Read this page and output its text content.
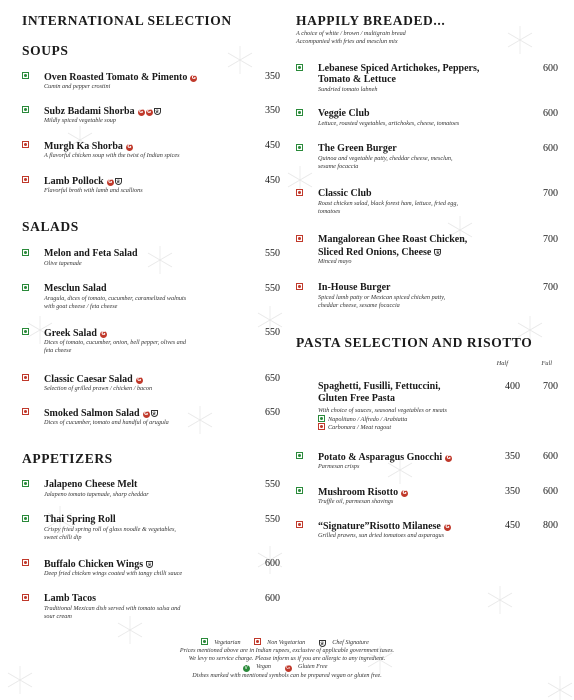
INTERNATIONAL SELECTION
SOUPS
Oven Roasted Tomato & Pimento G	350
Cumin and pepper crostini
Subz Badami Shorba G G ♛	350
Mildly spiced vegetable soup
Murgh Ka Shorba G	450
A flavorful chicken soup with the twist of Indian spices
Lamb Pollock G ♛	450
Flavorful broth with lamb and scallions
SALADS
Melon and Feta Salad	550
Olive tapenade
Mesclun Salad	550
Arugula, dices of tomato, cucumber, caramelized walnuts
with goat cheese / feta cheese
Greek Salad G	550
Dices of tomato, cucumber, onion, bell pepper, olives and
feta cheese
Classic Caesar Salad G	650
Selection of grilled prawn / chicken / bacon
Smoked Salmon Salad G ♛	650
Dices of cucumber, tomato and handful of arugula
APPETIZERS
Jalapeno Cheese Melt	550
Jalapeno tomato tapenade, sharp cheddar
Thai Spring Roll	550
Crispy fried spring roll of glass noodle & vegetables,
sweet chilli dip
Buffalo Chicken Wings ♛	600
Deep fried chicken wings coated with tangy chilli sauce
Lamb Tacos	600
Traditional Mexican dish served with tomato salsa and
sour cream
HAPPILY BREADED...
A choice of white / brown / multigrain bread
Accompanied with fries and mesclun mix
Lebanese Spiced Artichokes, Peppers,
Tomato & Lettuce
600
Sundried tomato labneh
Veggie Club	600
Lettuce, roasted vegetables, artichokes, cheese, tomatoes
The Green Burger	600
Quinoa and vegetable patty, cheddar cheese, mesclun,
sesame focaccia
Classic Club	700
Roast chicken salad, black forest ham, lettuce, fried egg,
tomatoes
Mangalorean Ghee Roast Chicken,
Sliced Red Onions, Cheese ♛
700
Minced mayo
In-House Burger	700
Spiced lamb patty or Mexican spiced chicken patty,
cheddar cheese, sesame focaccia
PASTA SELECTION AND RISOTTO
Half	Full
Spaghetti, Fusilli, Fettuccini,
Gluten Free Pasta
400 700
With choice of sauces, seasonal vegetables or meats
Napolitano / Alfredo / Arabiatta
Carbonara / Meat ragout
Potato & Asparagus Gnocchi G	350 600
Parmesan crisps
Mushroom Risotto G	350 600
Truffle oil, parmesan shavings
“Signature”Risotto Milanese G	450 800
Grilled prawns, sun dried tomatoes and asparagus
Vegetarian	Non Vegetarian	♛ Chef Signature
Prices mentioned above are in Indian rupees, exclusive of applicable government taxes.
We levy no service charge. Please inform us if you are allergic to any ingredient.
V Vegan	G Gluten Free
Dishes marked with mentioned symbols can be prepared vegan or gluten free.
